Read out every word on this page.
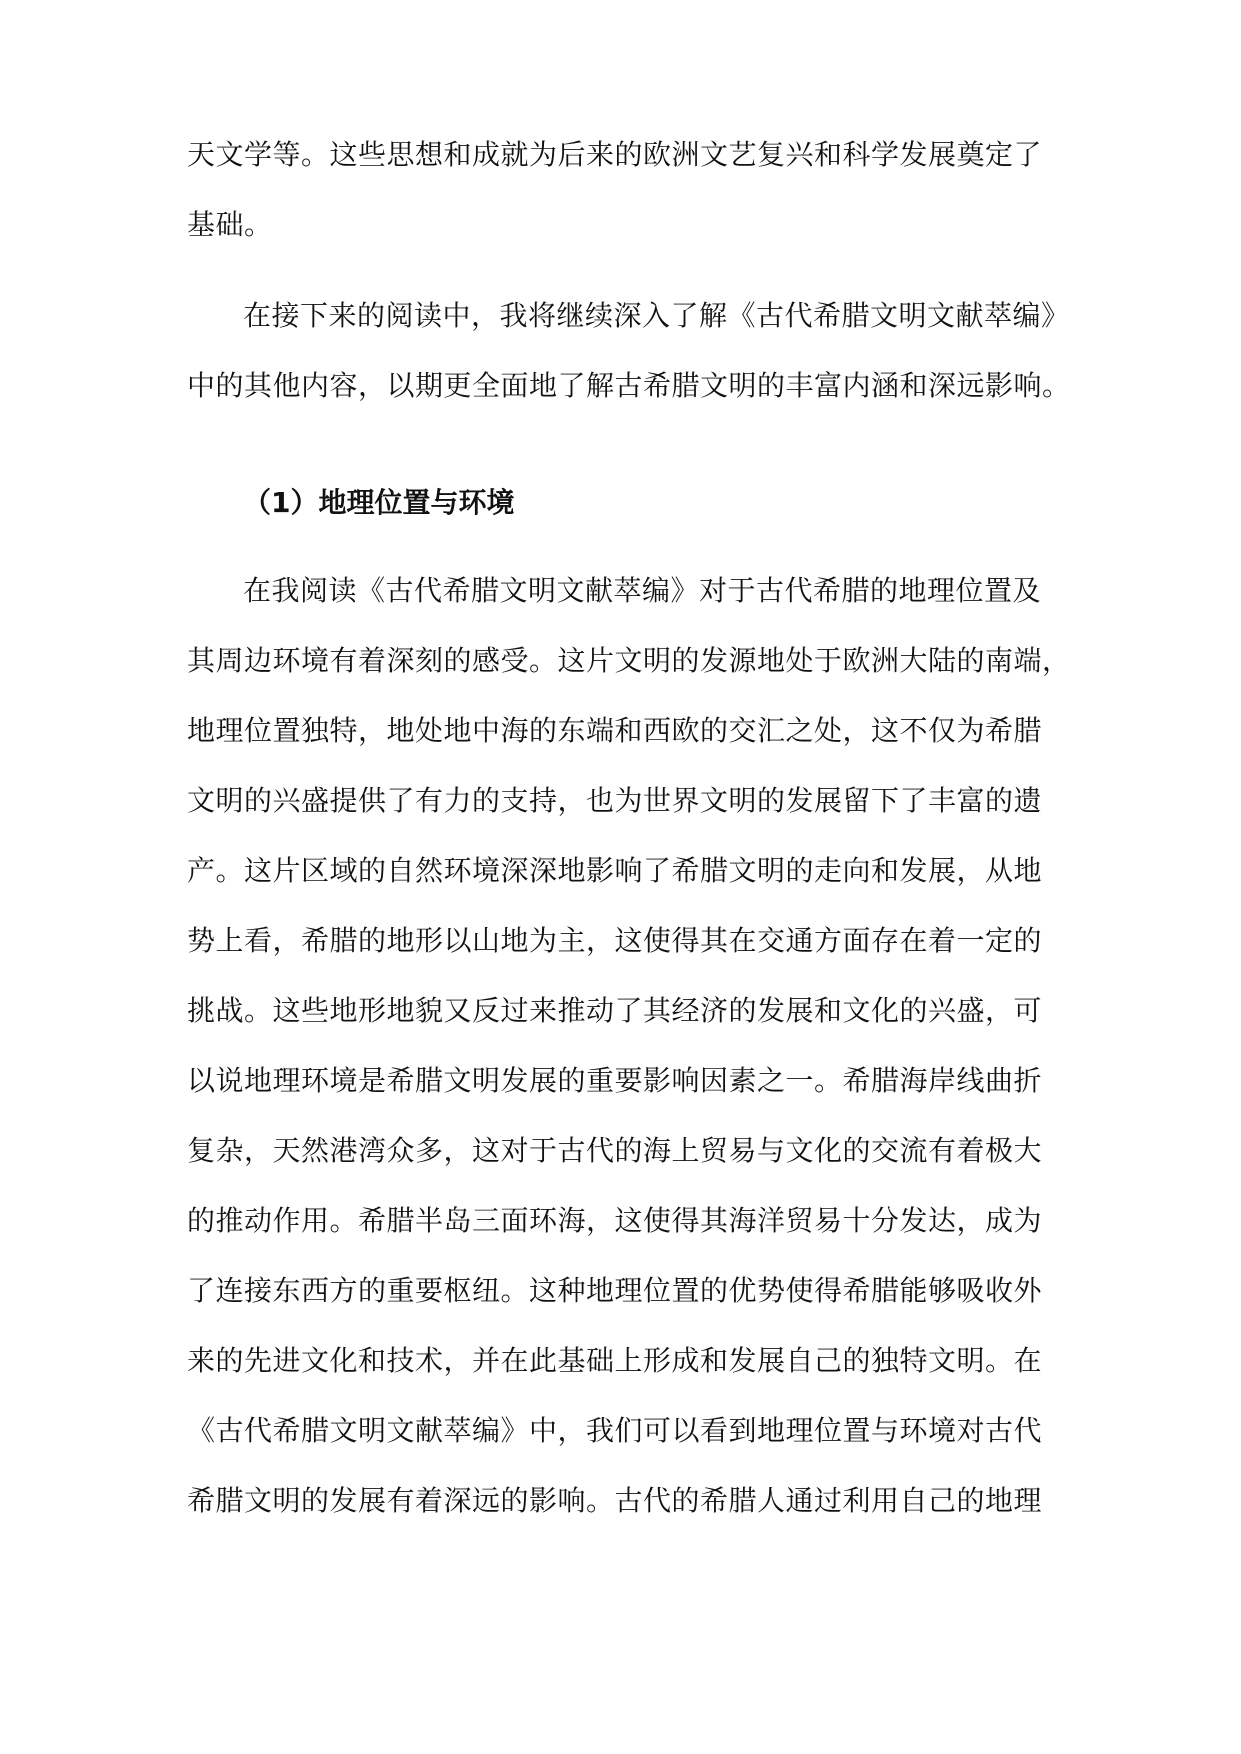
天文学等。这些思想和成就为后来的欧洲文艺复兴和科学发展奠定了
基础。
在接下来的阅读中，我将继续深入了解《古代希腊文明文献萃编》
中的其他内容，以期更全面地了解古希腊文明的丰富内涵和深远影响。
（1）地理位置与环境
在我阅读《古代希腊文明文献萃编》对于古代希腊的地理位置及
其周边环境有着深刻的感受。这片文明的发源地处于欧洲大陆的南端，
地理位置独特，地处地中海的东端和西欧的交汇之处，这不仅为希腊
文明的兴盛提供了有力的支持，也为世界文明的发展留下了丰富的遗
产。这片区域的自然环境深深地影响了希腊文明的走向和发展，从地
势上看，希腊的地形以山地为主，这使得其在交通方面存在着一定的
挑战。这些地形地貌又反过来推动了其经济的发展和文化的兴盛，可
以说地理环境是希腊文明发展的重要影响因素之一。希腊海岸线曲折
复杂，天然港湾众多，这对于古代的海上贸易与文化的交流有着极大
的推动作用。希腊半岛三面环海，这使得其海洋贸易十分发达，成为
了连接东西方的重要枢纽。这种地理位置的优势使得希腊能够吸收外
来的先进文化和技术，并在此基础上形成和发展自己的独特文明。在
《古代希腊文明文献萃编》中，我们可以看到地理位置与环境对古代
希腊文明的发展有着深远的影响。古代的希腊人通过利用自己的地理
